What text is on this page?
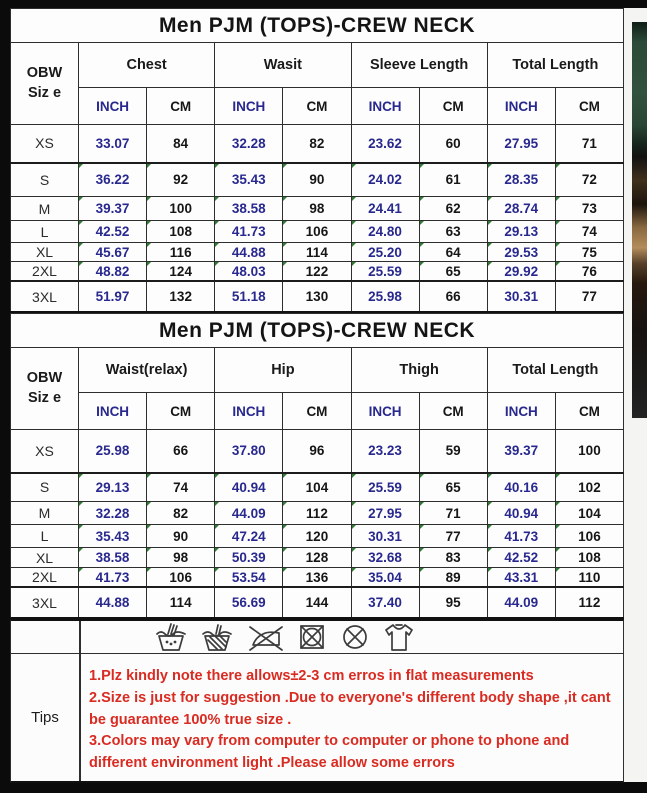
Men PJM (TOPS)-CREW NECK								

OBW
Siz e	Chest		Wasit		Sleeve Length		Total Length	
	INCH	CM	INCH	CM	INCH	CM	INCH	CM
XS	33.07	84	32.28	82	23.62	60	27.95	71
S	36.22	92	35.43	90	24.02	61	28.35	72
M	39.37	100	38.58	98	24.41	62	28.74	73
L	42.52	108	41.73	106	24.80	63	29.13	74
XL	45.67	116	44.88	114	25.20	64	29.53	75
2XL	48.82	124	48.03	122	25.59	65	29.92	76
3XL	51.97	132	51.18	130	25.98	66	30.31	77
Men PJM (TOPS)-CREW NECK								

OBW
Siz e	Waist(relax)		Hip		Thigh		Total Length	
	INCH	CM	INCH	CM	INCH	CM	INCH	CM
XS	25.98	66	37.80	96	23.23	59	39.37	100
S	29.13	74	40.94	104	25.59	65	40.16	102
M	32.28	82	44.09	112	27.95	71	40.94	104
L	35.43	90	47.24	120	30.31	77	41.73	106
XL	38.58	98	50.39	128	32.68	83	42.52	108
2XL	41.73	106	53.54	136	35.04	89	43.31	110
3XL	44.88	114	56.69	144	37.40	95	44.09	112
Tips

1.Plz kindly note there allows±2-3 cm erros in flat measurements

2.Size is just for suggestion .Due to everyone's different body shape ,it cant be guarantee 100% true size .

3.Colors may vary from computer to computer or phone to phone and different environment light .Please allow some errors
